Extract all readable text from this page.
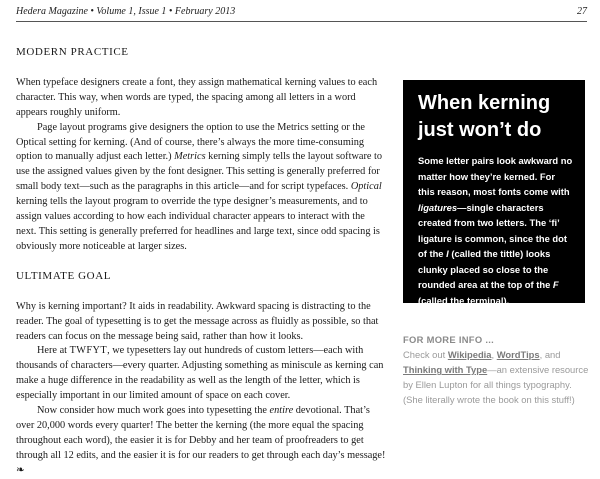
Hedera Magazine • Volume 1, Issue 1 • February 2013	27
MODERN PRACTICE

When typeface designers create a font, they assign mathematical kerning values to each character. This way, when words are typed, the spacing among all letters in a word appears roughly uniform.

Page layout programs give designers the option to use the Metrics setting or the Optical setting for kerning. (And of course, there’s always the more time-consuming option to manually adjust each letter.) Metrics kerning simply tells the layout software to use the assigned values given by the font designer. This setting is generally preferred for small body text—such as the paragraphs in this article—and for script typefaces. Optical kerning tells the layout program to override the type designer’s measurements, and to assign values according to how each individual character appears to interact with the next. This setting is generally preferred for headlines and large text, since odd spacing is obviously more noticeable at larger sizes.

ULTIMATE GOAL

Why is kerning important? It aids in readability. Awkward spacing is distracting to the reader. The goal of typesetting is to get the message across as fluidly as possible, so that readers can focus on the message being said, rather than how it looks.

Here at TWFYT, we typesetters lay out hundreds of custom letters—each with thousands of characters—every quarter. Adjusting something as miniscule as kerning can make a huge difference in the readability as well as the length of the letter, which is especially important in our limited amount of space on each cover.

Now consider how much work goes into typesetting the entire devotional. That’s over 20,000 words every quarter! The better the kerning (the more equal the spacing throughout each word), the easier it is for Debby and her team of proofreaders to get through all 12 edits, and the easier it is for our readers to get through each day’s message! ❧

When kerning just won’t do

Some letter pairs look awkward no matter how they’re kerned. For this reason, most fonts come with ligatures—single characters created from two letters. The ‘fi’ ligature is common, since the dot of the I (called the tittle) looks clunky placed so close to the rounded area at the top of the F (called the terminal).

FOR MORE INFO ...
Check out Wikipedia, WordTips, and Thinking with Type—an extensive resource by Ellen Lupton for all things typography. (She literally wrote the book on this stuff!)
